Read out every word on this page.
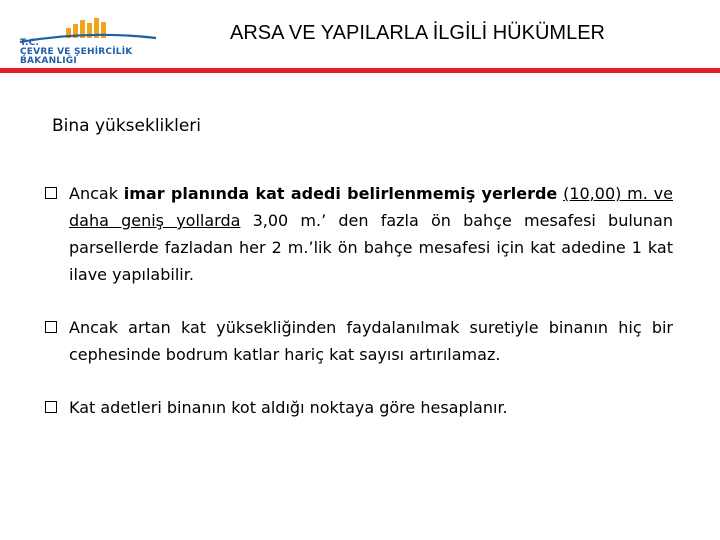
T.C.
ÇEVRE VE ŞEHİRCİLİK
BAKANLIĞI
ARSA VE YAPILARLA İLGİLİ HÜKÜMLER
Bina yükseklikleri
Ancak imar planında kat adedi belirlenmemiş yerlerde (10,00) m. ve daha geniş yollarda 3,00 m.’ den fazla ön bahçe mesafesi bulunan parsellerde fazladan her 2 m.’lik ön bahçe mesafesi için kat adedine 1 kat ilave yapılabilir.
Ancak artan kat yüksekliğinden faydalanılmak suretiyle binanın hiç bir cephesinde bodrum katlar hariç kat sayısı artırılamaz.
Kat adetleri binanın kot aldığı noktaya göre hesaplanır.
